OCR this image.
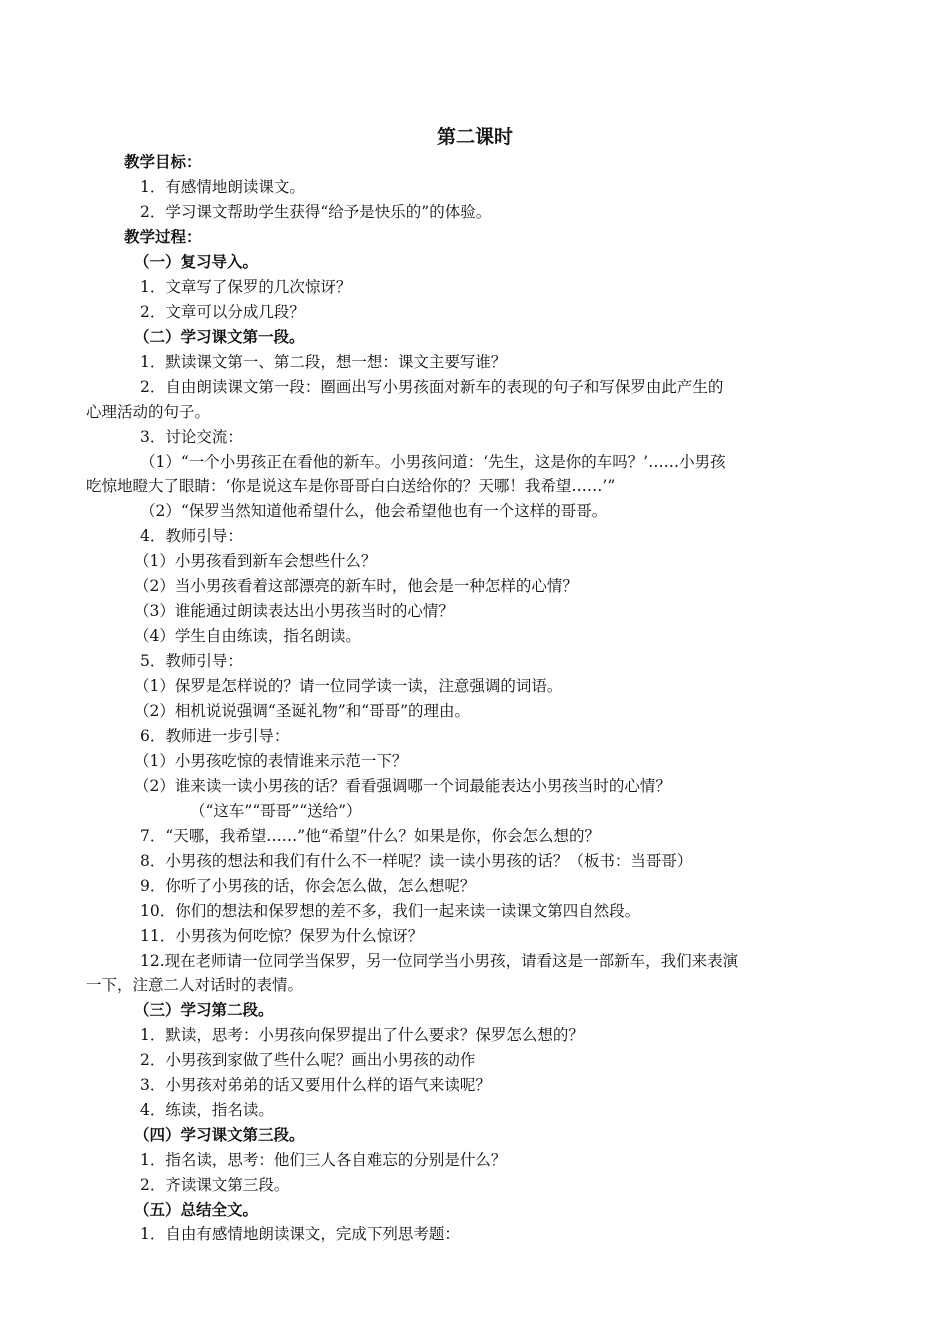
第二课时
教学目标：
1．有感情地朗读课文。
2．学习课文帮助学生获得“给予是快乐的”的体验。
教学过程：
（一）复习导入。
1．文章写了保罗的几次惊讶？
2．文章可以分成几段？
（二）学习课文第一段。
1．默读课文第一、第二段，想一想：课文主要写谁？
2．自由朗读课文第一段：圈画出写小男孩面对新车的表现的句子和写保罗由此产生的
心理活动的句子。
3．讨论交流：
（1）“一个小男孩正在看他的新车。小男孩问道：‘先生，这是你的车吗？’……小男孩
吃惊地瞪大了眼睛：‘你是说这车是你哥哥白白送给你的？天哪！我希望……’”
（2）“保罗当然知道他希望什么，他会希望他也有一个这样的哥哥。
4．教师引导：
（1）小男孩看到新车会想些什么？
（2）当小男孩看着这部漂亮的新车时，他会是一种怎样的心情？
（3）谁能通过朗读表达出小男孩当时的心情？
（4）学生自由练读，指名朗读。
5．教师引导：
（1）保罗是怎样说的？请一位同学读一读，注意强调的词语。
（2）相机说说强调“圣诞礼物”和“哥哥”的理由。
6．教师进一步引导：
（1）小男孩吃惊的表情谁来示范一下？
（2）谁来读一读小男孩的话？看看强调哪一个词最能表达小男孩当时的心情？
（“这车”“哥哥”“送给”）
7．“天哪，我希望……”他“希望”什么？如果是你，你会怎么想的？
8．小男孩的想法和我们有什么不一样呢？读一读小男孩的话？（板书：当哥哥）
9．你听了小男孩的话，你会怎么做，怎么想呢？
10．你们的想法和保罗想的差不多，我们一起来读一读课文第四自然段。
11．小男孩为何吃惊？保罗为什么惊讶？
12.现在老师请一位同学当保罗，另一位同学当小男孩，请看这是一部新车，我们来表演
一下，注意二人对话时的表情。
（三）学习第二段。
1．默读，思考：小男孩向保罗提出了什么要求？保罗怎么想的？
2．小男孩到家做了些什么呢？画出小男孩的动作
3．小男孩对弟弟的话又要用什么样的语气来读呢？
4．练读，指名读。
（四）学习课文第三段。
1．指名读，思考：他们三人各自难忘的分别是什么？
2．齐读课文第三段。
（五）总结全文。
1．自由有感情地朗读课文，完成下列思考题：
